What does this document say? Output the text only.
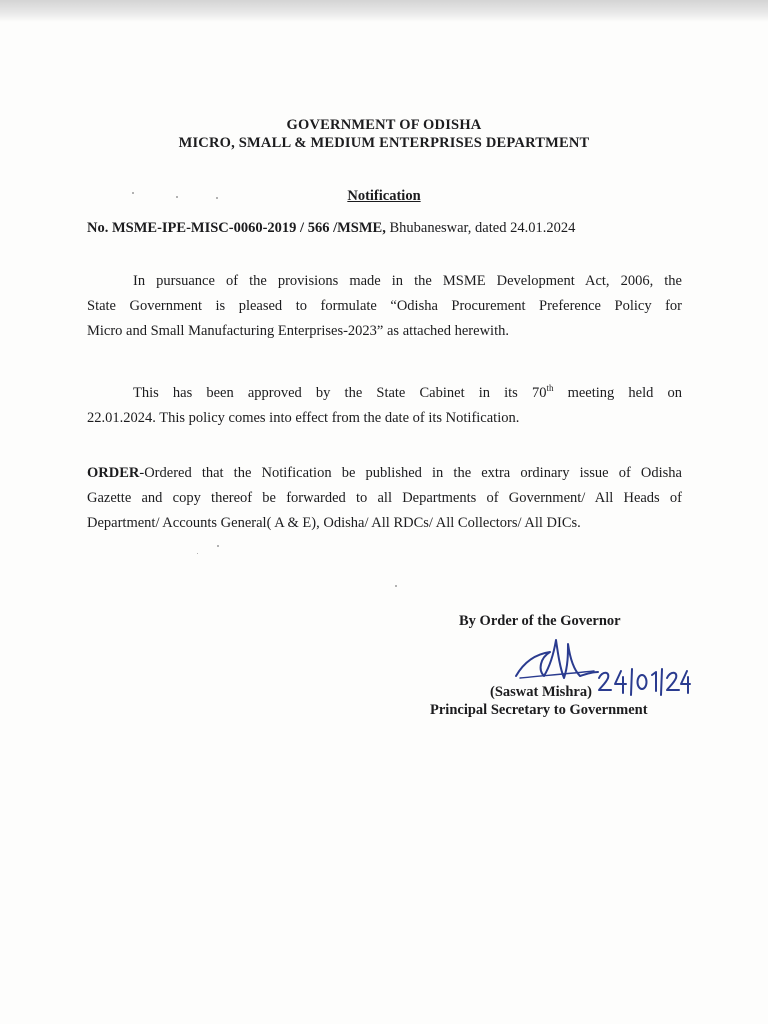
GOVERNMENT OF ODISHA
MICRO, SMALL & MEDIUM ENTERPRISES DEPARTMENT
Notification
No. MSME-IPE-MISC-0060-2019 / 566 /MSME, Bhubaneswar, dated 24.01.2024
In pursuance of the provisions made in the MSME Development Act, 2006, the
State Government is pleased to formulate “Odisha Procurement Preference Policy for
Micro and Small Manufacturing Enterprises-2023” as attached herewith.
This has been approved by the State Cabinet in its 70th meeting held on
22.01.2024. This policy comes into effect from the date of its Notification.
ORDER-Ordered that the Notification be published in the extra ordinary issue of Odisha
Gazette and copy thereof be forwarded to all Departments of Government/ All Heads of
Department/ Accounts General( A & E), Odisha/ All RDCs/ All Collectors/ All DICs.
By Order of the Governor
(Saswat Mishra)
Principal Secretary to Government
